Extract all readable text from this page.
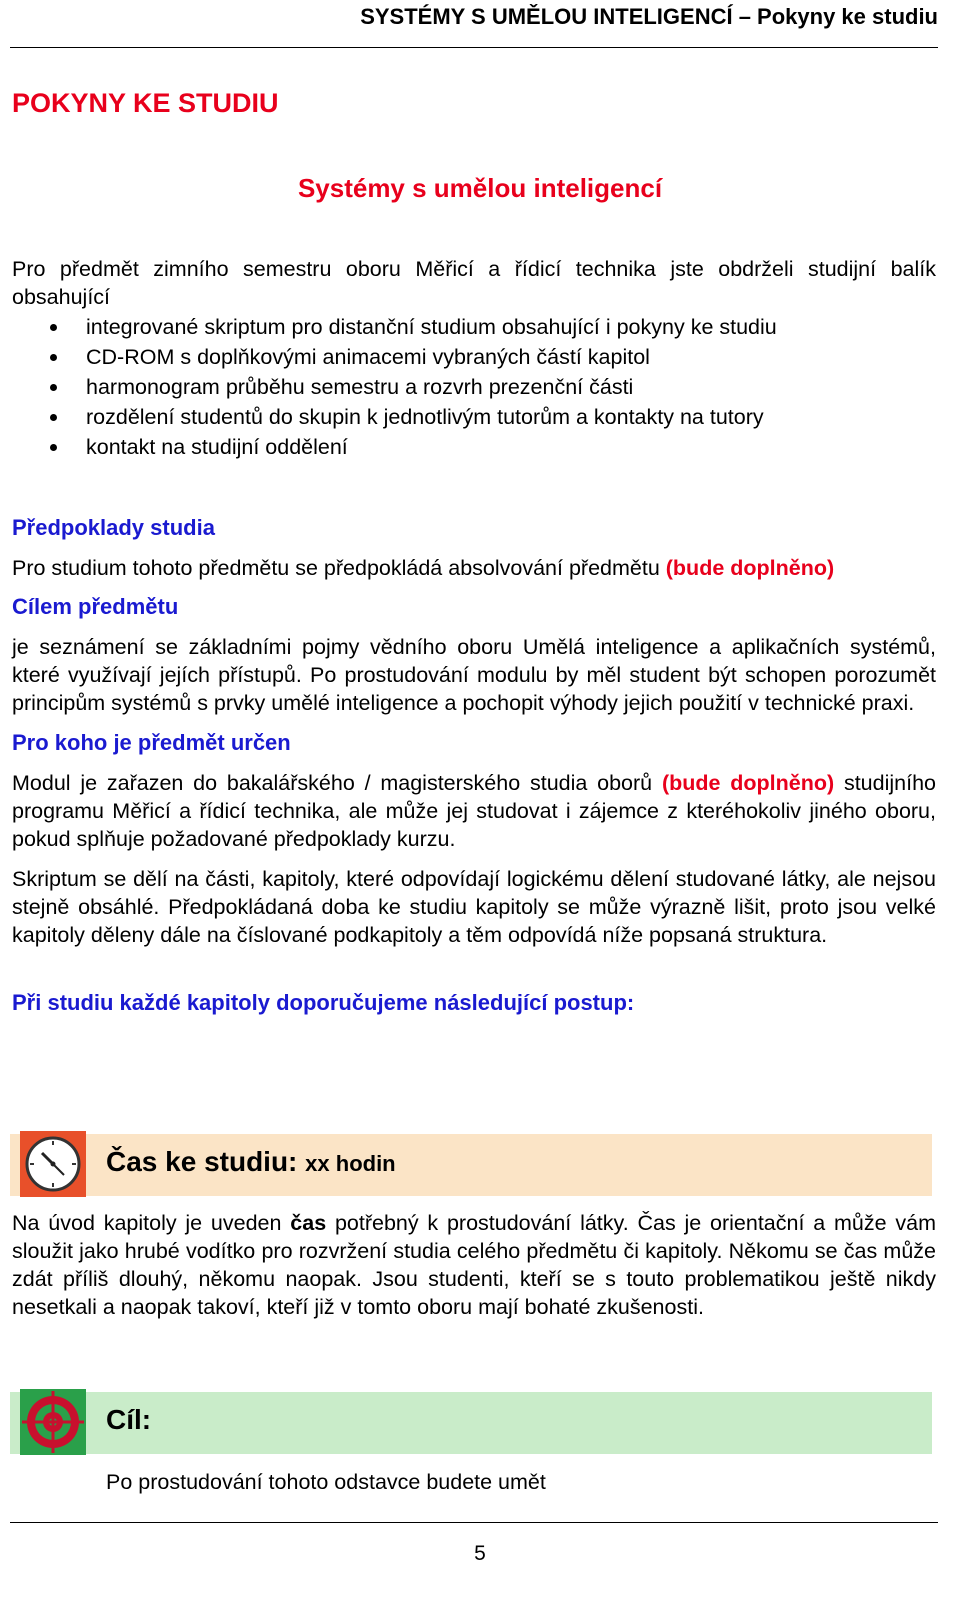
SYSTÉMY S UMĚLOU INTELIGENCÍ – Pokyny ke studiu
POKYNY KE STUDIU
Systémy s umělou inteligencí

Pro předmět zimního semestru oboru Měřicí a řídicí technika jste obdrželi studijní balík obsahující

integrované skriptum pro distanční studium obsahující i pokyny ke studiu
CD-ROM s doplňkovými animacemi vybraných částí kapitol
harmonogram průběhu semestru a rozvrh prezenční části
rozdělení studentů do skupin k jednotlivým tutorům a kontakty na tutory
kontakt na studijní oddělení
Předpoklady studia

Pro studium tohoto předmětu se předpokládá absolvování předmětu (bude doplněno)

Cílem předmětu

je seznámení se základními pojmy vědního oboru Umělá inteligence a aplikačních systémů, které využívají jejích přístupů. Po prostudování modulu by měl student být schopen porozumět principům systémů s prvky umělé inteligence a pochopit výhody jejich použití v technické praxi.

Pro koho je předmět určen

Modul je zařazen do bakalářského / magisterského studia oborů (bude doplněno) studijního programu Měřicí a řídicí technika, ale může jej studovat i zájemce z kteréhokoliv jiného oboru, pokud splňuje požadované předpoklady kurzu.

Skriptum se dělí na části, kapitoly, které odpovídají logickému dělení studované látky, ale nejsou stejně obsáhlé. Předpokládaná doba ke studiu kapitoly se může výrazně lišit, proto jsou velké kapitoly děleny dále na číslované podkapitoly a těm odpovídá níže popsaná struktura.

Při studiu každé kapitoly doporučujeme následující postup:
Čas ke studiu: xx hodin

Na úvod kapitoly je uveden čas potřebný k prostudování látky. Čas je orientační a může vám sloužit jako hrubé vodítko pro rozvržení studia celého předmětu či kapitoly. Někomu se čas může zdát příliš dlouhý, někomu naopak. Jsou studenti, kteří se s touto problematikou ještě nikdy nesetkali a naopak takoví, kteří již v tomto oboru mají bohaté zkušenosti.

Cíl:

Po prostudování tohoto odstavce budete umět

5
